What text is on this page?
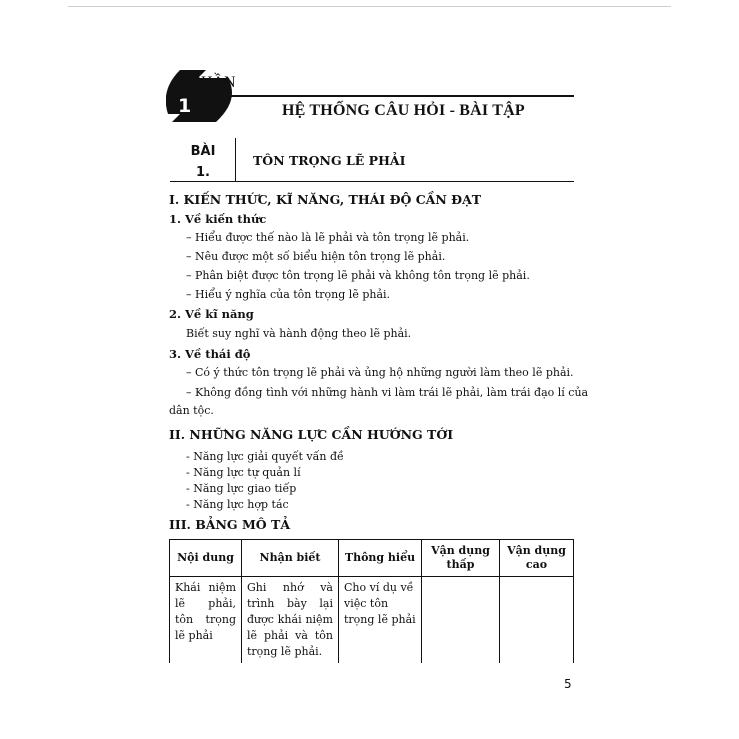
PHẦN
1	HỆ THỐNG CÂU HỎI - BÀI TẬP
BÀI
1.
TÔN TRỌNG LẼ PHẢI
I. KIẾN THỨC, KĨ NĂNG, THÁI ĐỘ CẦN ĐẠT
1. Về kiến thức
– Hiểu được thế nào là lẽ phải và tôn trọng lẽ phải.
– Nêu được một số biểu hiện tôn trọng lẽ phải.
– Phân biệt được tôn trọng lẽ phải và không tôn trọng lẽ phải.
– Hiểu ý nghĩa của tôn trọng lẽ phải.
2. Về kĩ năng
Biết suy nghĩ và hành động theo lẽ phải.
3. Về thái độ
– Có ý thức tôn trọng lẽ phải và ủng hộ những người làm theo lẽ phải.
– Không đồng tình với những hành vi làm trái lẽ phải, làm trái đạo lí của
dân tộc.
II. NHỮNG NĂNG LỰC CẦN HƯỚNG TỚI
- Năng lực giải quyết vấn đề
- Năng lực tự quản lí
- Năng lực giao tiếp
- Năng lực hợp tác
III. BẢNG MÔ TẢ
Nội dung	Nhận biết	Thông hiểu	Vận dụng thấp	Vận dụng cao
Khái niệm lẽ phải, tôn trọng lẽ phải	Ghi nhớ và trình bày lại được khái niệm lẽ phải và tôn trọng lẽ phải.	Cho ví dụ về việc tôn trọng lẽ phải		
5
